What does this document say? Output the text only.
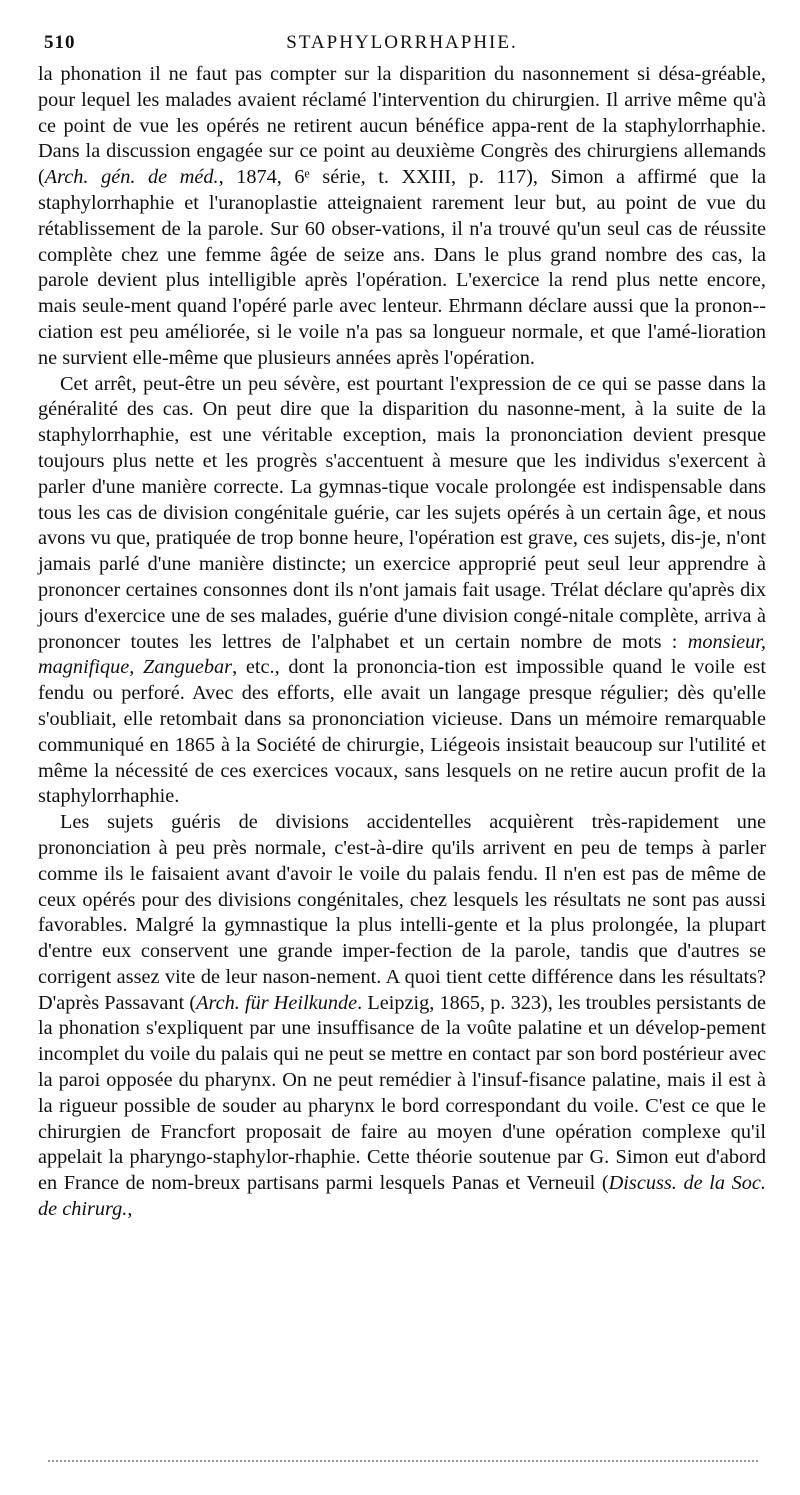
510	STAPHYLORRHAPHIE.

la phonation il ne faut pas compter sur la disparition du nasonnement si désa-gréable, pour lequel les malades avaient réclamé l'intervention du chirurgien. Il arrive même qu'à ce point de vue les opérés ne retirent aucun bénéfice appa-rent de la staphylorrhaphie. Dans la discussion engagée sur ce point au deuxième Congrès des chirurgiens allemands (Arch. gén. de méd., 1874, 6ᵉ série, t. XXIII, p. 117), Simon a affirmé que la staphylorrhaphie et l'uranoplastie atteignaient rarement leur but, au point de vue du rétablissement de la parole. Sur 60 obser-vations, il n'a trouvé qu'un seul cas de réussite complète chez une femme âgée de seize ans. Dans le plus grand nombre des cas, la parole devient plus intelligible après l'opération. L'exercice la rend plus nette encore, mais seule-ment quand l'opéré parle avec lenteur. Ehrmann déclare aussi que la pronon-ciation est peu améliorée, si le voile n'a pas sa longueur normale, et que l'amé-lioration ne survient elle-même que plusieurs années après l'opération.

Cet arrêt, peut-être un peu sévère, est pourtant l'expression de ce qui se passe dans la généralité des cas. On peut dire que la disparition du nasonne-ment, à la suite de la staphylorrhaphie, est une véritable exception, mais la prononciation devient presque toujours plus nette et les progrès s'accentuent à mesure que les individus s'exercent à parler d'une manière correcte. La gymnas-tique vocale prolongée est indispensable dans tous les cas de division congénitale guérie, car les sujets opérés à un certain âge, et nous avons vu que, pratiquée de trop bonne heure, l'opération est grave, ces sujets, dis-je, n'ont jamais parlé d'une manière distincte; un exercice approprié peut seul leur apprendre à prononcer certaines consonnes dont ils n'ont jamais fait usage. Trélat déclare qu'après dix jours d'exercice une de ses malades, guérie d'une division congé-nitale complète, arriva à prononcer toutes les lettres de l'alphabet et un certain nombre de mots : monsieur, magnifique, Zanguebar, etc., dont la prononcia-tion est impossible quand le voile est fendu ou perforé. Avec des efforts, elle avait un langage presque régulier; dès qu'elle s'oubliait, elle retombait dans sa prononciation vicieuse. Dans un mémoire remarquable communiqué en 1865 à la Société de chirurgie, Liégeois insistait beaucoup sur l'utilité et même la nécessité de ces exercices vocaux, sans lesquels on ne retire aucun profit de la staphylorrhaphie.

Les sujets guéris de divisions accidentelles acquièrent très-rapidement une prononciation à peu près normale, c'est-à-dire qu'ils arrivent en peu de temps à parler comme ils le faisaient avant d'avoir le voile du palais fendu. Il n'en est pas de même de ceux opérés pour des divisions congénitales, chez lesquels les résultats ne sont pas aussi favorables. Malgré la gymnastique la plus intelli-gente et la plus prolongée, la plupart d'entre eux conservent une grande imper-fection de la parole, tandis que d'autres se corrigent assez vite de leur nason-nement. A quoi tient cette différence dans les résultats? D'après Passavant (Arch. für Heilkunde. Leipzig, 1865, p. 323), les troubles persistants de la phonation s'expliquent par une insuffisance de la voûte palatine et un dévelop-pement incomplet du voile du palais qui ne peut se mettre en contact par son bord postérieur avec la paroi opposée du pharynx. On ne peut remédier à l'insuf-fisance palatine, mais il est à la rigueur possible de souder au pharynx le bord correspondant du voile. C'est ce que le chirurgien de Francfort proposait de faire au moyen d'une opération complexe qu'il appelait la pharyngo-staphylor-rhaphie. Cette théorie soutenue par G. Simon eut d'abord en France de nom-breux partisans parmi lesquels Panas et Verneuil (Discuss. de la Soc. de chirurg.,
